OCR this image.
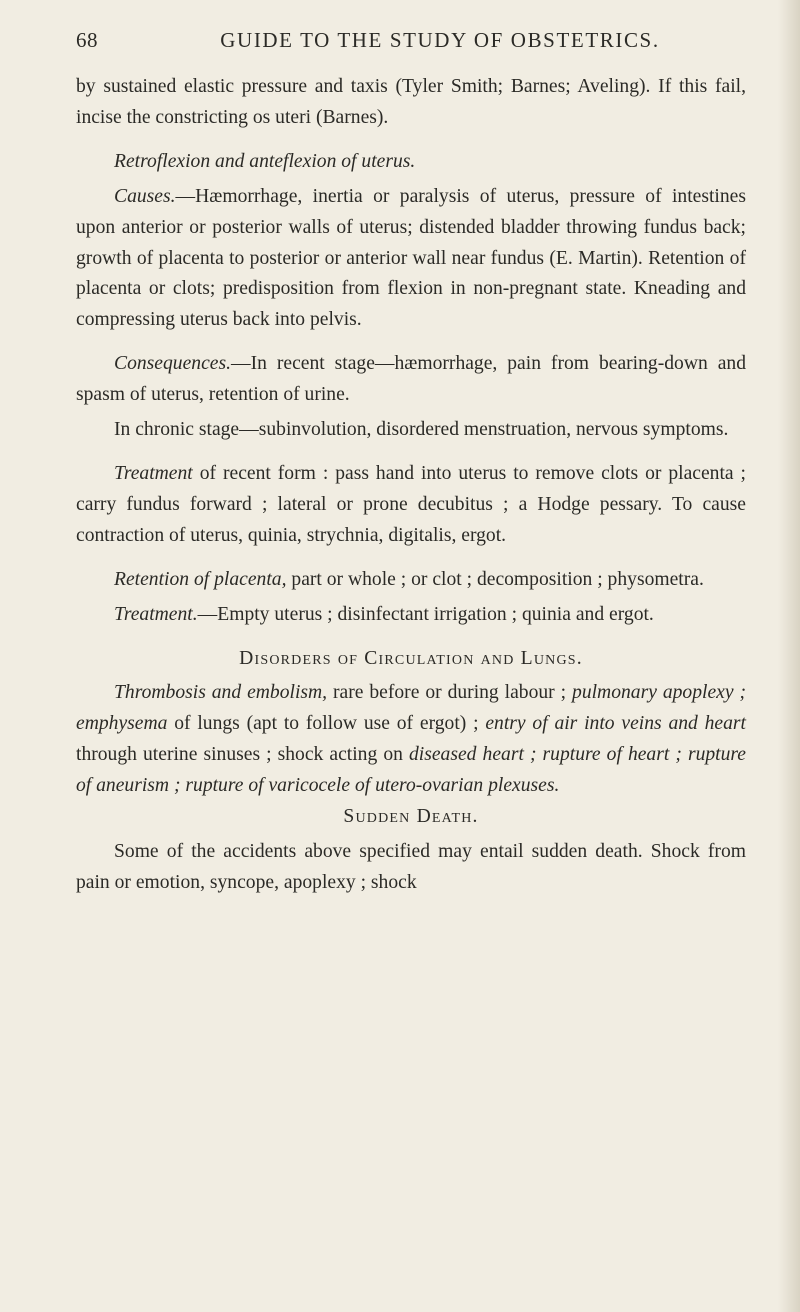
68	GUIDE TO THE STUDY OF OBSTETRICS.

by sustained elastic pressure and taxis (Tyler Smith; Barnes; Aveling). If this fail, incise the constricting os uteri (Barnes).

Retroflexion and anteflexion of uterus.

Causes.—Hæmorrhage, inertia or paralysis of uterus, pressure of intestines upon anterior or posterior walls of uterus; distended bladder throwing fundus back; growth of placenta to posterior or anterior wall near fundus (E. Martin). Retention of placenta or clots; predisposition from flexion in non-pregnant state. Kneading and compressing uterus back into pelvis.

Consequences.—In recent stage—hæmorrhage, pain from bearing-down and spasm of uterus, retention of urine.

In chronic stage—subinvolution, disordered menstruation, nervous symptoms.

Treatment of recent form : pass hand into uterus to remove clots or placenta ; carry fundus forward ; lateral or prone decubitus ; a Hodge pessary. To cause contraction of uterus, quinia, strychnia, digitalis, ergot.

Retention of placenta, part or whole ; or clot ; decomposition ; physometra.

Treatment.—Empty uterus ; disinfectant irrigation ; quinia and ergot.

Disorders of Circulation and Lungs.

Thrombosis and embolism, rare before or during labour ; pulmonary apoplexy ; emphysema of lungs (apt to follow use of ergot) ; entry of air into veins and heart through uterine sinuses ; shock acting on diseased heart ; rupture of heart ; rupture of aneurism ; rupture of varicocele of utero-ovarian plexuses.

Sudden Death.

Some of the accidents above specified may entail sudden death. Shock from pain or emotion, syncope, apoplexy ; shock
